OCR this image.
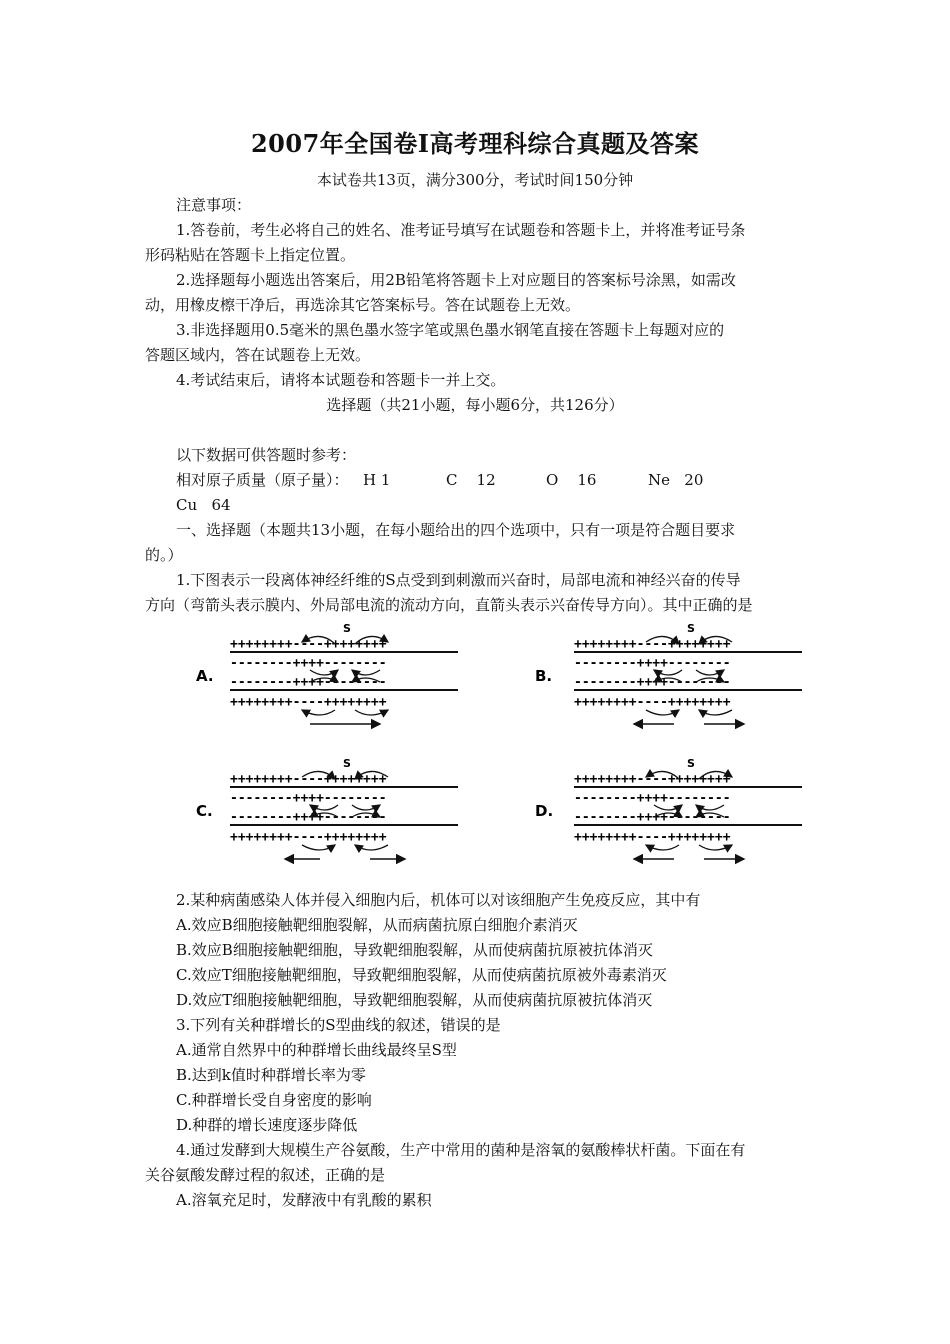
2007年全国卷I高考理科综合真题及答案
本试卷共13页，满分300分，考试时间150分钟
注意事项：
1.答卷前，考生必将自己的姓名、准考证号填写在试题卷和答题卡上，并将准考证号条
形码粘贴在答题卡上指定位置。
2.选择题每小题选出答案后，用2B铅笔将答题卡上对应题目的答案标号涂黑，如需改
动，用橡皮檫干净后，再选涂其它答案标号。答在试题卷上无效。
3.非选择题用0.5毫米的黑色墨水签字笔或黑色墨水钢笔直接在答题卡上每题对应的
答题区域内，答在试题卷上无效。
4.考试结束后，请将本试题卷和答题卡一并上交。
选择题（共21小题，每小题6分，共126分）
以下数据可供答题时参考：
相对原子质量（原子量）： H 1	C    12	O    16	Ne   20
Cu   64
一、选择题（本题共13小题，在每小题给出的四个选项中，只有一项是符合题目要求
的。）
1.下图表示一段离体神经纤维的S点受到到刺激而兴奋时，局部电流和神经兴奋的传导
方向（弯箭头表示膜内、外局部电流的流动方向，直箭头表示兴奋传导方向）。其中正确的是
S
++++++++----++++++++
--------++++--------
--------++++--------
++++++++----++++++++
A.
S
++++++++----++++++++
--------++++--------
--------++++--------
++++++++----++++++++
B.
S
++++++++----++++++++
--------++++--------
--------++++--------
++++++++----++++++++
C.
S
++++++++----++++++++
--------++++--------
--------++++--------
++++++++----++++++++
D.
2.某种病菌感染人体并侵入细胞内后，机体可以对该细胞产生免疫反应，其中有
A.效应B细胞接触靶细胞裂解，从而病菌抗原白细胞介素消灭
B.效应B细胞接触靶细胞，导致靶细胞裂解，从而使病菌抗原被抗体消灭
C.效应T细胞接触靶细胞，导致靶细胞裂解，从而使病菌抗原被外毒素消灭
D.效应T细胞接触靶细胞，导致靶细胞裂解，从而使病菌抗原被抗体消灭
3.下列有关种群增长的S型曲线的叙述，错误的是
A.通常自然界中的种群增长曲线最终呈S型
B.达到k值时种群增长率为零
C.种群增长受自身密度的影响
D.种群的增长速度逐步降低
4.通过发酵到大规模生产谷氨酸，生产中常用的菌种是溶氧的氨酸棒状杆菌。下面在有
关谷氨酸发酵过程的叙述，正确的是
A.溶氧充足时，发酵液中有乳酸的累积
